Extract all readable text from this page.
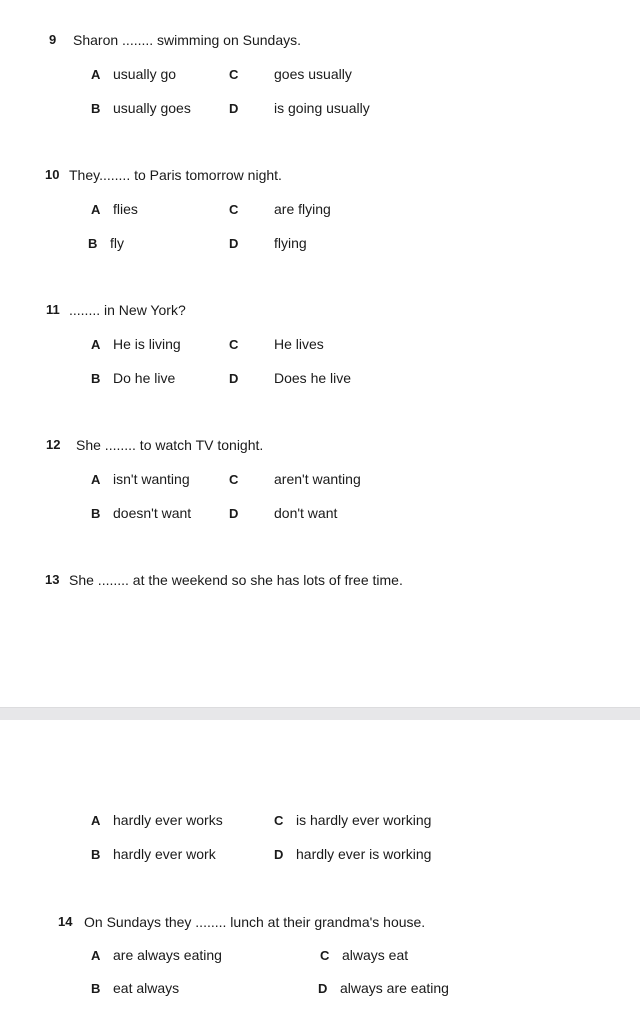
9 Sharon ........ swimming on Sundays.
A usually go	C	goes usually
B usually goes	D	is going usually
10 They........ to Paris tomorrow night.
A flies	C	are flying
B fly	D	flying
11 ........ in New York?
A He is living	C	He lives
B Do he live	D	Does he live
12 She ........ to watch TV tonight.
A isn't wanting	C	aren't wanting
B doesn't want	D	don't want
13 She ........ at the weekend so she has lots of free time.
A hardly ever works	C is hardly ever working
B hardly ever work	D hardly ever is working
14 On Sundays they ........ lunch at their grandma's house.
A are always eating	C always eat
B eat always	D always are eating
